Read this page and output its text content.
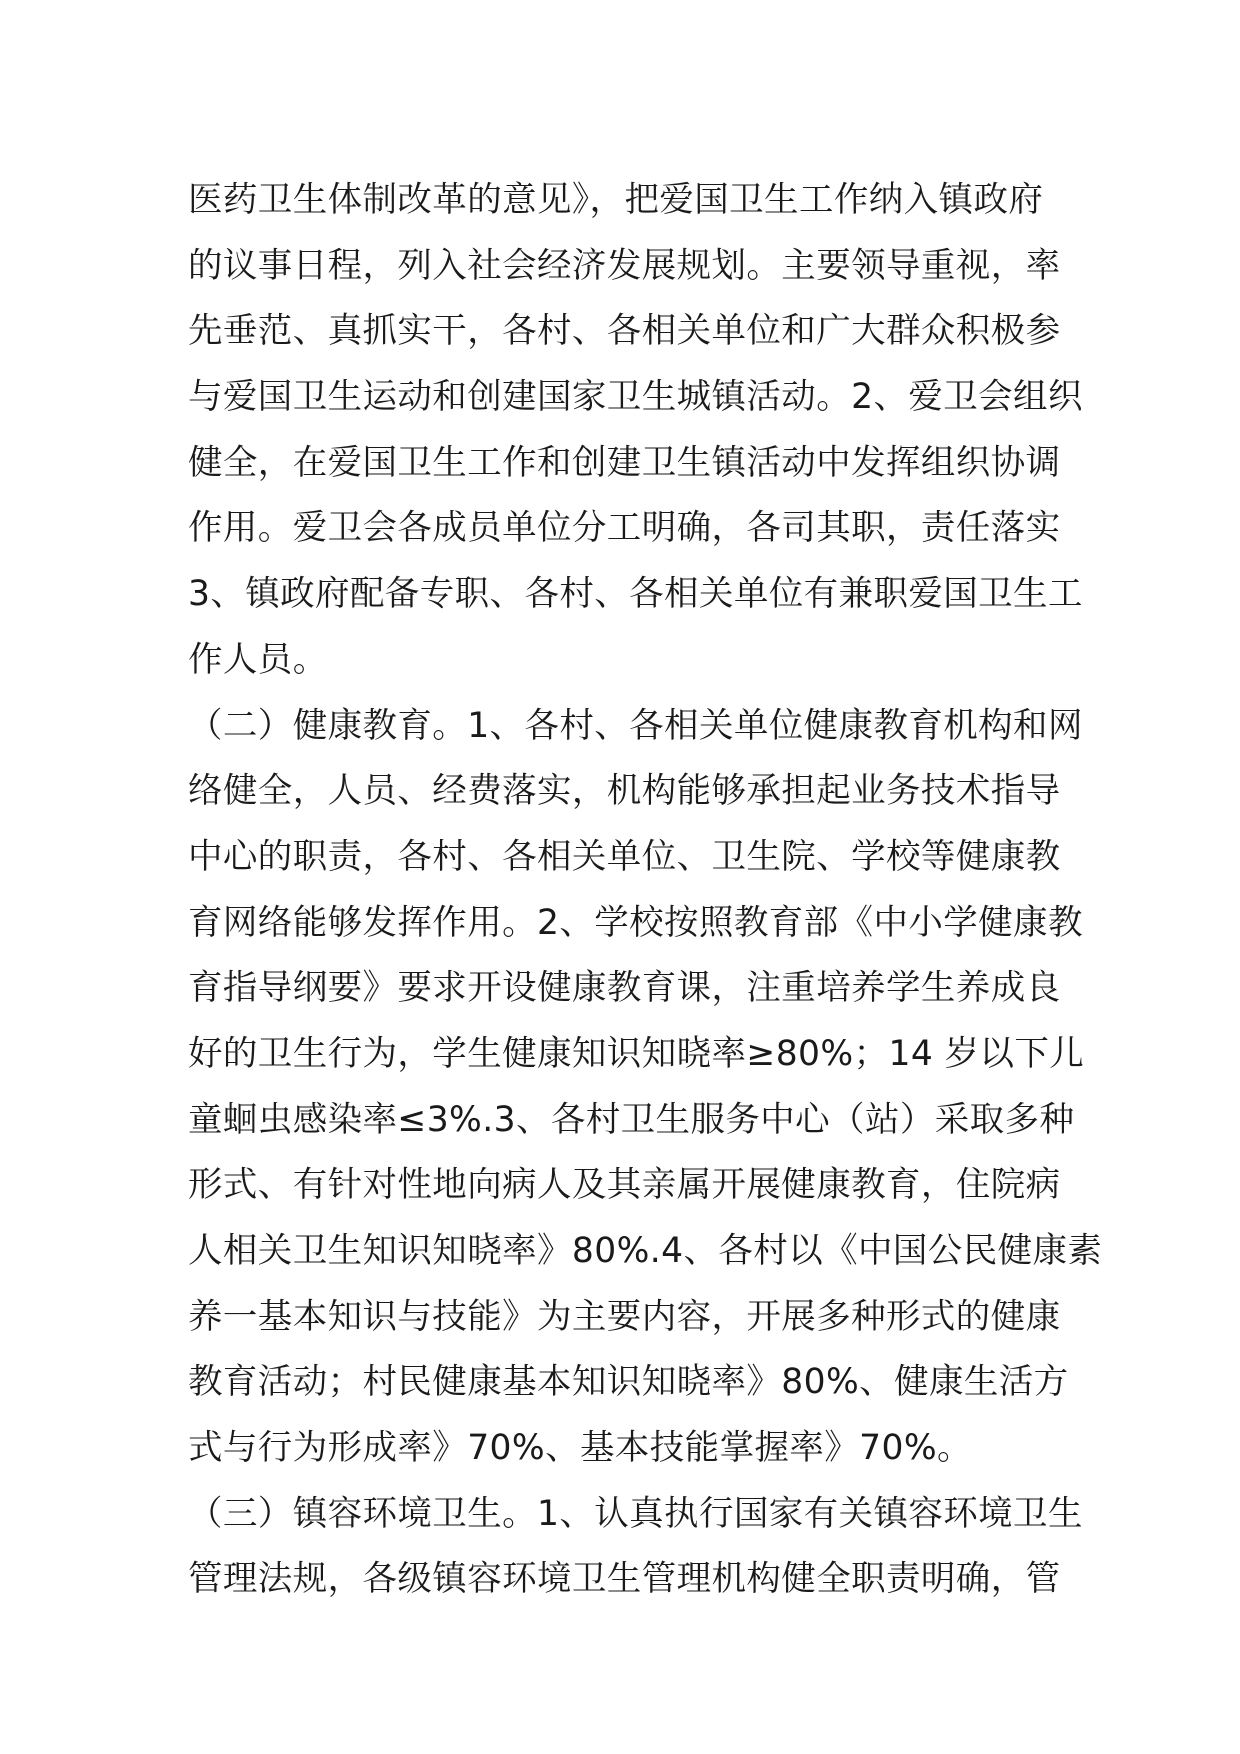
医药卫生体制改革的意见》，把爱国卫生工作纳入镇政府
的议事日程，列入社会经济发展规划。主要领导重视，率
先垂范、真抓实干，各村、各相关单位和广大群众积极参
与爱国卫生运动和创建国家卫生城镇活动。2、爱卫会组织
健全，在爱国卫生工作和创建卫生镇活动中发挥组织协调
作用。爱卫会各成员单位分工明确，各司其职，责任落实
3、镇政府配备专职、各村、各相关单位有兼职爱国卫生工
作人员。
（二）健康教育。1、各村、各相关单位健康教育机构和网
络健全，人员、经费落实，机构能够承担起业务技术指导
中心的职责，各村、各相关单位、卫生院、学校等健康教
育网络能够发挥作用。2、学校按照教育部《中小学健康教
育指导纲要》要求开设健康教育课，注重培养学生养成良
好的卫生行为，学生健康知识知晓率≥80%；14 岁以下儿
童蛔虫感染率≤3%.3、各村卫生服务中心（站）采取多种
形式、有针对性地向病人及其亲属开展健康教育，住院病
人相关卫生知识知晓率》80%.4、各村以《中国公民健康素
养一基本知识与技能》为主要内容，开展多种形式的健康
教育活动；村民健康基本知识知晓率》80%、健康生活方
式与行为形成率》70%、基本技能掌握率》70%。
（三）镇容环境卫生。1、认真执行国家有关镇容环境卫生
管理法规，各级镇容环境卫生管理机构健全职责明确，管
